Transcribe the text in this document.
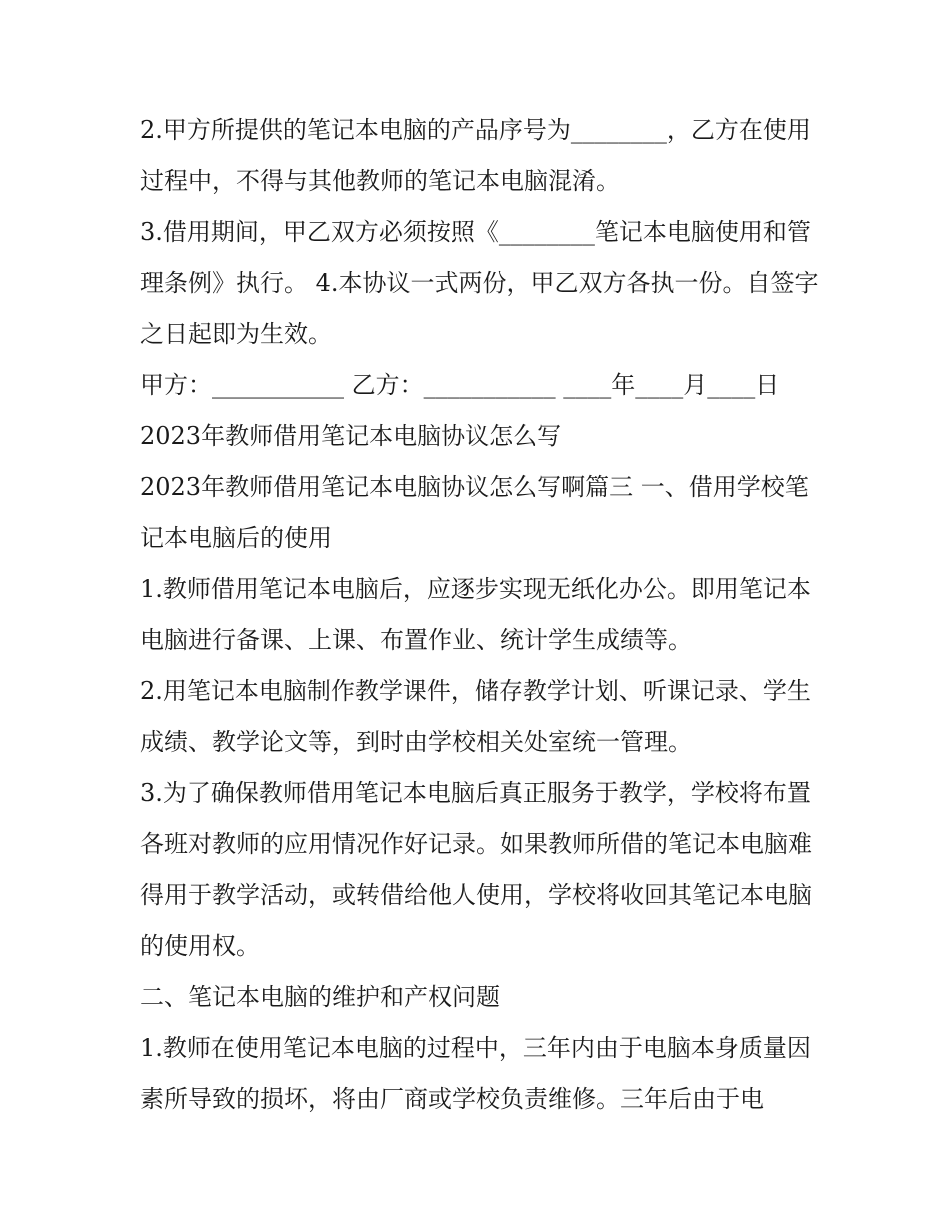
2.甲方所提供的笔记本电脑的产品序号为________，乙方在使用过程中，不得与其他教师的笔记本电脑混淆。

3.借用期间，甲乙双方必须按照《________笔记本电脑使用和管理条例》执行。 4.本协议一式两份，甲乙双方各执一份。自签字之日起即为生效。

甲方：___________ 乙方：___________ ____年____月____日

2023年教师借用笔记本电脑协议怎么写

2023年教师借用笔记本电脑协议怎么写啊篇三 一、借用学校笔记本电脑后的使用

1.教师借用笔记本电脑后，应逐步实现无纸化办公。即用笔记本电脑进行备课、上课、布置作业、统计学生成绩等。

2.用笔记本电脑制作教学课件，储存教学计划、听课记录、学生成绩、教学论文等，到时由学校相关处室统一管理。

3.为了确保教师借用笔记本电脑后真正服务于教学，学校将布置各班对教师的应用情况作好记录。如果教师所借的笔记本电脑难得用于教学活动，或转借给他人使用，学校将收回其笔记本电脑的使用权。

二、笔记本电脑的维护和产权问题

1.教师在使用笔记本电脑的过程中，三年内由于电脑本身质量因素所导致的损坏，将由厂商或学校负责维修。三年后由于电
